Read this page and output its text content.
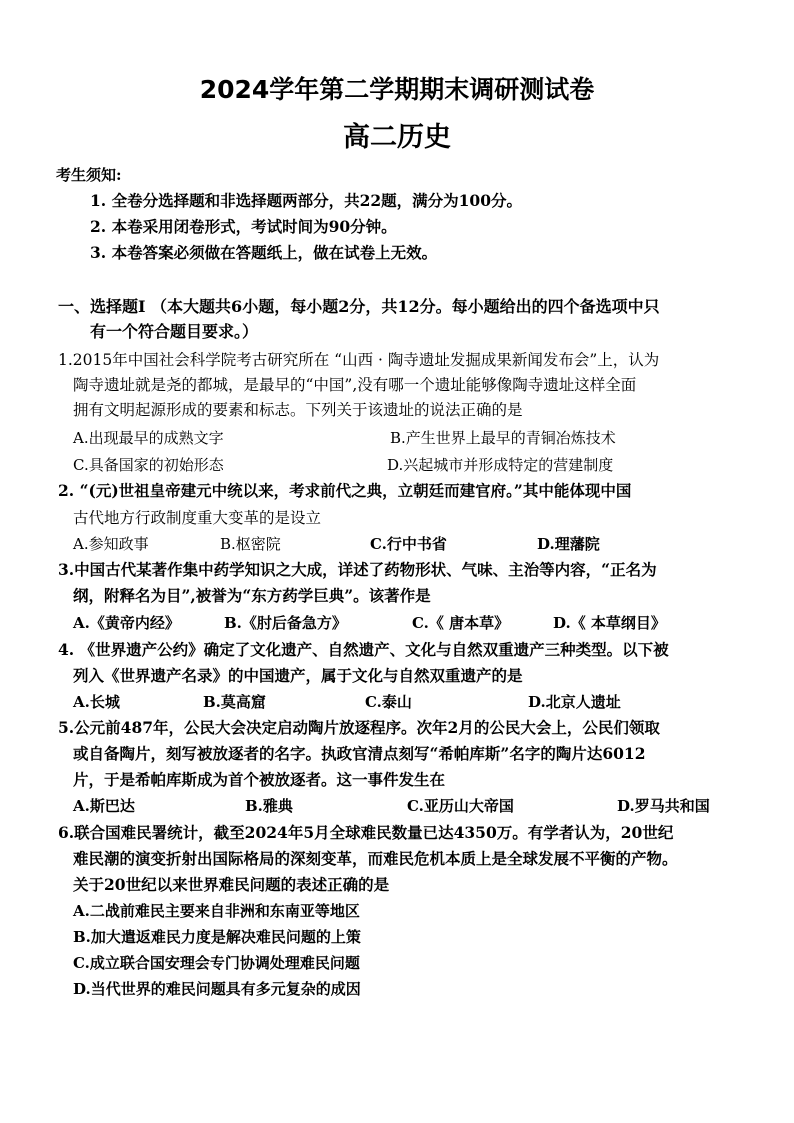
2024学年第二学期期末调研测试卷
高二历史
考生须知:
1. 全卷分选择题和非选择题两部分，共22题，满分为100分。
2. 本卷采用闭卷形式，考试时间为90分钟。
3. 本卷答案必须做在答题纸上，做在试卷上无效。
一、选择题I （本大题共6小题，每小题2分，共12分。每小题给出的四个备选项中只
有一个符合题目要求。）
1.2015年中国社会科学院考古研究所在 “山西 · 陶寺遗址发掘成果新闻发布会”上，认为
陶寺遗址就是尧的都城，是最早的“中国”,没有哪一个遗址能够像陶寺遗址这样全面
拥有文明起源形成的要素和标志。下列关于该遗址的说法正确的是
A.出现最早的成熟文字	B.产生世界上最早的青铜冶炼技术
C.具备国家的初始形态	D.兴起城市并形成特定的营建制度
2. “(元)世祖皇帝建元中统以来，考求前代之典，立朝廷而建官府。”其中能体现中国
古代地方行政制度重大变革的是设立
A.参知政事	B.枢密院	C.行中书省	D.理藩院
3.中国古代某著作集中药学知识之大成，详述了药物形状、气味、主治等内容，“正名为
纲，附释名为目”,被誉为“东方药学巨典”。该著作是
A.《黄帝内经》	B.《肘后备急方》	C.《 唐本草》	D.《 本草纲目》
4. 《世界遗产公约》确定了文化遗产、自然遗产、文化与自然双重遗产三种类型。以下被
列入《世界遗产名录》的中国遗产，属于文化与自然双重遗产的是
A.长城	B.莫高窟	C.泰山	D.北京人遗址
5.公元前487年，公民大会决定启动陶片放逐程序。次年2月的公民大会上，公民们领取
或自备陶片，刻写被放逐者的名字。执政官清点刻写“希帕库斯”名字的陶片达6012
片，于是希帕库斯成为首个被放逐者。这一事件发生在
A.斯巴达	B.雅典	C.亚历山大帝国	D.罗马共和国
6.联合国难民署统计，截至2024年5月全球难民数量已达4350万。有学者认为，20世纪
难民潮的演变折射出国际格局的深刻变革，而难民危机本质上是全球发展不平衡的产物。
关于20世纪以来世界难民问题的表述正确的是
A.二战前难民主要来自非洲和东南亚等地区
B.加大遣返难民力度是解决难民问题的上策
C.成立联合国安理会专门协调处理难民问题
D.当代世界的难民问题具有多元复杂的成因
